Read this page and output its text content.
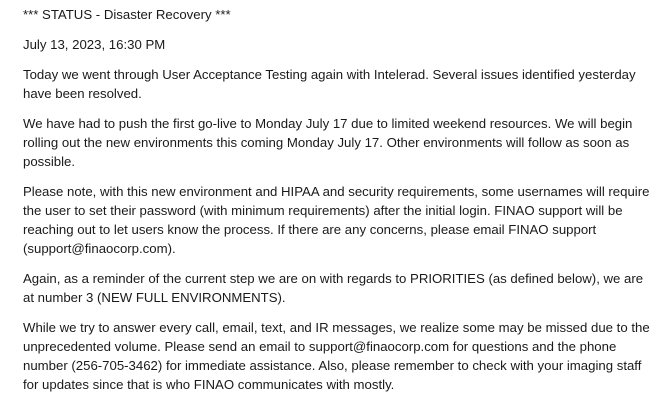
*** STATUS - Disaster Recovery ***

July 13, 2023, 16:30 PM

Today we went through User Acceptance Testing again with Intelerad. Several issues identified yesterday have been resolved.

We have had to push the first go-live to Monday July 17 due to limited weekend resources. We will begin rolling out the new environments this coming Monday July 17. Other environments will follow as soon as possible.

Please note, with this new environment and HIPAA and security requirements, some usernames will require the user to set their password (with minimum requirements) after the initial login. FINAO support will be reaching out to let users know the process. If there are any concerns, please email FINAO support (support@finaocorp.com).

Again, as a reminder of the current step we are on with regards to PRIORITIES (as defined below), we are at number 3 (NEW FULL ENVIRONMENTS).

While we try to answer every call, email, text, and IR messages, we realize some may be missed due to the unprecedented volume. Please send an email to support@finaocorp.com for questions and the phone number (256-705-3462) for immediate assistance. Also, please remember to check with your imaging staff for updates since that is who FINAO communicates with mostly.
